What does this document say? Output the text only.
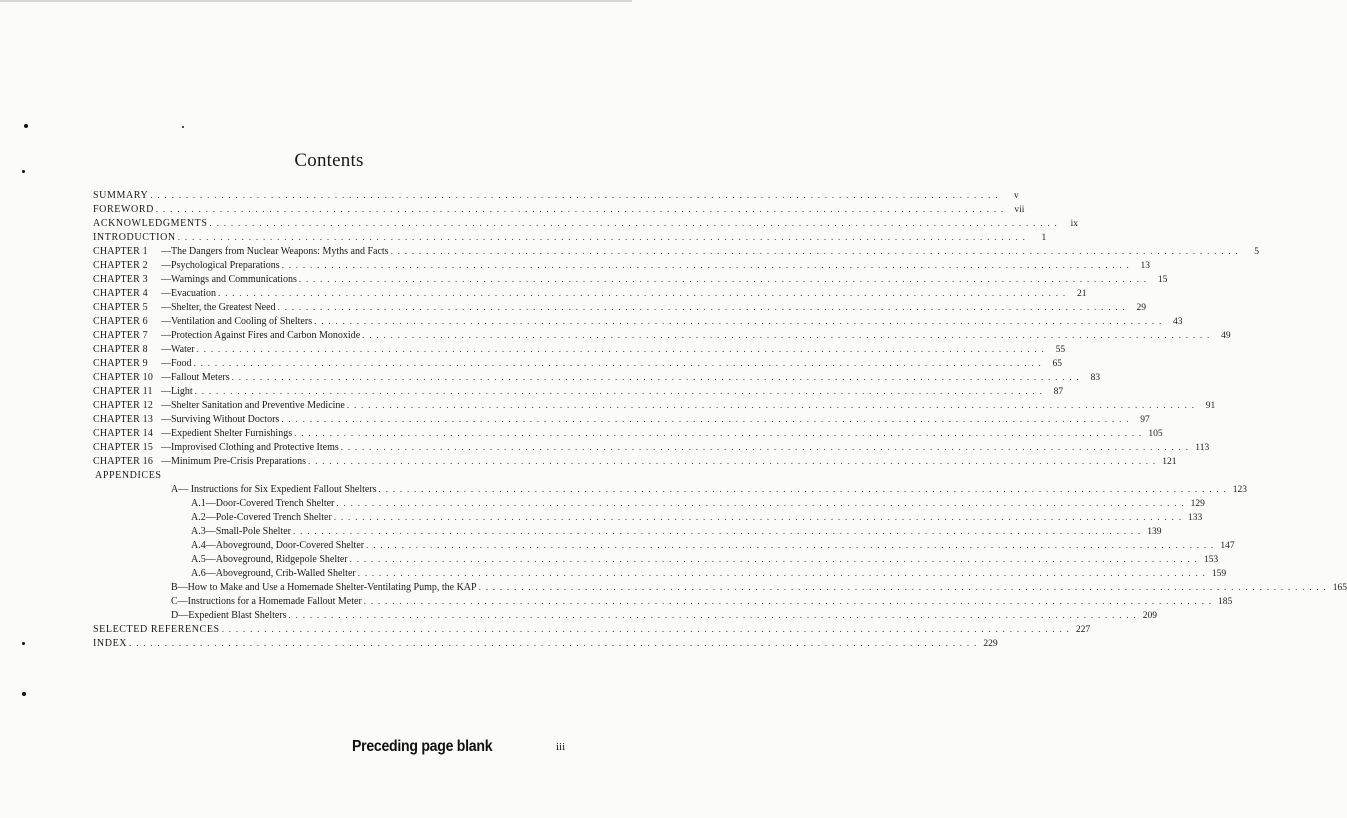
Contents
SUMMARY . . . . . . . . . . . . . . . . . . . . . . . . . . . . . . . . . . . . . . . . . . . . . . . . . . . . . . . . . . . . . . . . . . . . . . . . . . . . . . . . . . . . . . . . . . . . . . . . . . . . . . . . . . . . . . . . . . . . . . . .	v
FOREWORD . . . . . . . . . . . . . . . . . . . . . . . . . . . . . . . . . . . . . . . . . . . . . . . . . . . . . . . . . . . . . . . . . . . . . . . . . . . . . . . . . . . . . . . . . . . . . . . . . . . . . . . . . . . . . . . . . . . . . . . .	vii
ACKNOWLEDGMENTS . . . . . . . . . . . . . . . . . . . . . . . . . . . . . . . . . . . . . . . . . . . . . . . . . . . . . . . . . . . . . . . . . . . . . . . . . . . . . . . . . . . . . . . . . . . . . . . . . . . . . . . . . . . . . . . . . . . . . . . .	ix
INTRODUCTION . . . . . . . . . . . . . . . . . . . . . . . . . . . . . . . . . . . . . . . . . . . . . . . . . . . . . . . . . . . . . . . . . . . . . . . . . . . . . . . . . . . . . . . . . . . . . . . . . . . . . . . . . . . . . . . . . . . . . . . .	1
CHAPTER 1 —The Dangers from Nuclear Weapons: Myths and Facts . . . . . . . . . . . . . . . . . . . . . . . . . . . . . . . . . . . . . . . . . . . . . . . . . . . . . . . . . . . . . . . . . . . . . . . . . . . . . . . . . . . . . . . . . . . . . . . . . . . . . . . . . . . . . . . . . . . . . . . .	5
CHAPTER 2 —Psychological Preparations . . . . . . . . . . . . . . . . . . . . . . . . . . . . . . . . . . . . . . . . . . . . . . . . . . . . . . . . . . . . . . . . . . . . . . . . . . . . . . . . . . . . . . . . . . . . . . . . . . . . . . . . . . . . . . . . . . . . . . . .	13
CHAPTER 3 —Warnings and Communications . . . . . . . . . . . . . . . . . . . . . . . . . . . . . . . . . . . . . . . . . . . . . . . . . . . . . . . . . . . . . . . . . . . . . . . . . . . . . . . . . . . . . . . . . . . . . . . . . . . . . . . . . . . . . . . . . . . . . . . .	15
CHAPTER 4 —Evacuation . . . . . . . . . . . . . . . . . . . . . . . . . . . . . . . . . . . . . . . . . . . . . . . . . . . . . . . . . . . . . . . . . . . . . . . . . . . . . . . . . . . . . . . . . . . . . . . . . . . . . . . . . . . . . . . . . . . . . . . .	21
CHAPTER 5 —Shelter, the Greatest Need . . . . . . . . . . . . . . . . . . . . . . . . . . . . . . . . . . . . . . . . . . . . . . . . . . . . . . . . . . . . . . . . . . . . . . . . . . . . . . . . . . . . . . . . . . . . . . . . . . . . . . . . . . . . . . . . . . . . . . . .	29
CHAPTER 6 —Ventilation and Cooling of Shelters . . . . . . . . . . . . . . . . . . . . . . . . . . . . . . . . . . . . . . . . . . . . . . . . . . . . . . . . . . . . . . . . . . . . . . . . . . . . . . . . . . . . . . . . . . . . . . . . . . . . . . . . . . . . . . . . . . . . . . . .	43
CHAPTER 7 —Protection Against Fires and Carbon Monoxide . . . . . . . . . . . . . . . . . . . . . . . . . . . . . . . . . . . . . . . . . . . . . . . . . . . . . . . . . . . . . . . . . . . . . . . . . . . . . . . . . . . . . . . . . . . . . . . . . . . . . . . . . . . . . . . . . . . . . . . .	49
CHAPTER 8 —Water . . . . . . . . . . . . . . . . . . . . . . . . . . . . . . . . . . . . . . . . . . . . . . . . . . . . . . . . . . . . . . . . . . . . . . . . . . . . . . . . . . . . . . . . . . . . . . . . . . . . . . . . . . . . . . . . . . . . . . . .	55
CHAPTER 9 —Food . . . . . . . . . . . . . . . . . . . . . . . . . . . . . . . . . . . . . . . . . . . . . . . . . . . . . . . . . . . . . . . . . . . . . . . . . . . . . . . . . . . . . . . . . . . . . . . . . . . . . . . . . . . . . . . . . . . . . . . .	65
CHAPTER 10 —Fallout Meters . . . . . . . . . . . . . . . . . . . . . . . . . . . . . . . . . . . . . . . . . . . . . . . . . . . . . . . . . . . . . . . . . . . . . . . . . . . . . . . . . . . . . . . . . . . . . . . . . . . . . . . . . . . . . . . . . . . . . . . .	83
CHAPTER 11 —Light . . . . . . . . . . . . . . . . . . . . . . . . . . . . . . . . . . . . . . . . . . . . . . . . . . . . . . . . . . . . . . . . . . . . . . . . . . . . . . . . . . . . . . . . . . . . . . . . . . . . . . . . . . . . . . . . . . . . . . . .	87
CHAPTER 12 —Shelter Sanitation and Preventive Medicine . . . . . . . . . . . . . . . . . . . . . . . . . . . . . . . . . . . . . . . . . . . . . . . . . . . . . . . . . . . . . . . . . . . . . . . . . . . . . . . . . . . . . . . . . . . . . . . . . . . . . . . . . . . . . . . . . . . . . . . .	91
CHAPTER 13 —Surviving Without Doctors . . . . . . . . . . . . . . . . . . . . . . . . . . . . . . . . . . . . . . . . . . . . . . . . . . . . . . . . . . . . . . . . . . . . . . . . . . . . . . . . . . . . . . . . . . . . . . . . . . . . . . . . . . . . . . . . . . . . . . . .	97
CHAPTER 14 —Expedient Shelter Furnishings . . . . . . . . . . . . . . . . . . . . . . . . . . . . . . . . . . . . . . . . . . . . . . . . . . . . . . . . . . . . . . . . . . . . . . . . . . . . . . . . . . . . . . . . . . . . . . . . . . . . . . . . . . . . . . . . . . . . . . . . 105
CHAPTER 15 —Improvised Clothing and Protective Items . . . . . . . . . . . . . . . . . . . . . . . . . . . . . . . . . . . . . . . . . . . . . . . . . . . . . . . . . . . . . . . . . . . . . . . . . . . . . . . . . . . . . . . . . . . . . . . . . . . . . . . . . . . . . . . . . . . . . . . . 113
CHAPTER 16 —Minimum Pre-Crisis Preparations . . . . . . . . . . . . . . . . . . . . . . . . . . . . . . . . . . . . . . . . . . . . . . . . . . . . . . . . . . . . . . . . . . . . . . . . . . . . . . . . . . . . . . . . . . . . . . . . . . . . . . . . . . . . . . . . . . . . . . . . 121
APPENDICES
A— Instructions for Six Expedient Fallout Shelters . . . . . . . . . . . . . . . . . . . . . . . . . . . . . . . . . . . . . . . . . . . . . . . . . . . . . . . . . . . . . . . . . . . . . . . . . . . . . . . . . . . . . . . . . . . . . . . . . . . . . . . . . . . . . . . . . . . . . . . . 123
A.1—Door-Covered Trench Shelter . . . . . . . . . . . . . . . . . . . . . . . . . . . . . . . . . . . . . . . . . . . . . . . . . . . . . . . . . . . . . . . . . . . . . . . . . . . . . . . . . . . . . . . . . . . . . . . . . . . . . . . . . . . . . . . . . . . . . . . . 129
A.2—Pole-Covered Trench Shelter . . . . . . . . . . . . . . . . . . . . . . . . . . . . . . . . . . . . . . . . . . . . . . . . . . . . . . . . . . . . . . . . . . . . . . . . . . . . . . . . . . . . . . . . . . . . . . . . . . . . . . . . . . . . . . . . . . . . . . . . 133
A.3—Small-Pole Shelter . . . . . . . . . . . . . . . . . . . . . . . . . . . . . . . . . . . . . . . . . . . . . . . . . . . . . . . . . . . . . . . . . . . . . . . . . . . . . . . . . . . . . . . . . . . . . . . . . . . . . . . . . . . . . . . . . . . . . . . . 139
A.4—Aboveground, Door-Covered Shelter . . . . . . . . . . . . . . . . . . . . . . . . . . . . . . . . . . . . . . . . . . . . . . . . . . . . . . . . . . . . . . . . . . . . . . . . . . . . . . . . . . . . . . . . . . . . . . . . . . . . . . . . . . . . . . . . . . . . . . . . 147
A.5—Aboveground, Ridgepole Shelter . . . . . . . . . . . . . . . . . . . . . . . . . . . . . . . . . . . . . . . . . . . . . . . . . . . . . . . . . . . . . . . . . . . . . . . . . . . . . . . . . . . . . . . . . . . . . . . . . . . . . . . . . . . . . . . . . . . . . . . . 153
A.6—Aboveground, Crib-Walled Shelter . . . . . . . . . . . . . . . . . . . . . . . . . . . . . . . . . . . . . . . . . . . . . . . . . . . . . . . . . . . . . . . . . . . . . . . . . . . . . . . . . . . . . . . . . . . . . . . . . . . . . . . . . . . . . . . . . . . . . . . . 159
B—How to Make and Use a Homemade Shelter-Ventilating Pump, the KAP . . . . . . . . . . . . . . . . . . . . . . . . . . . . . . . . . . . . . . . . . . . . . . . . . . . . . . . . . . . . . . . . . . . . . . . . . . . . . . . . . . . . . . . . . . . . . . . . . . . . . . . . . . . . . . . . . . . . . . . . 165
C—Instructions for a Homemade Fallout Meter . . . . . . . . . . . . . . . . . . . . . . . . . . . . . . . . . . . . . . . . . . . . . . . . . . . . . . . . . . . . . . . . . . . . . . . . . . . . . . . . . . . . . . . . . . . . . . . . . . . . . . . . . . . . . . . . . . . . . . . . 185
D—Expedient Blast Shelters . . . . . . . . . . . . . . . . . . . . . . . . . . . . . . . . . . . . . . . . . . . . . . . . . . . . . . . . . . . . . . . . . . . . . . . . . . . . . . . . . . . . . . . . . . . . . . . . . . . . . . . . . . . . . . . . . . . . . . . . 209
SELECTED REFERENCES . . . . . . . . . . . . . . . . . . . . . . . . . . . . . . . . . . . . . . . . . . . . . . . . . . . . . . . . . . . . . . . . . . . . . . . . . . . . . . . . . . . . . . . . . . . . . . . . . . . . . . . . . . . . . . . . . . . . . . . . 227
INDEX . . . . . . . . . . . . . . . . . . . . . . . . . . . . . . . . . . . . . . . . . . . . . . . . . . . . . . . . . . . . . . . . . . . . . . . . . . . . . . . . . . . . . . . . . . . . . . . . . . . . . . . . . . . . . . . . . . . . . . . . 229
Preceding page blank	iii
